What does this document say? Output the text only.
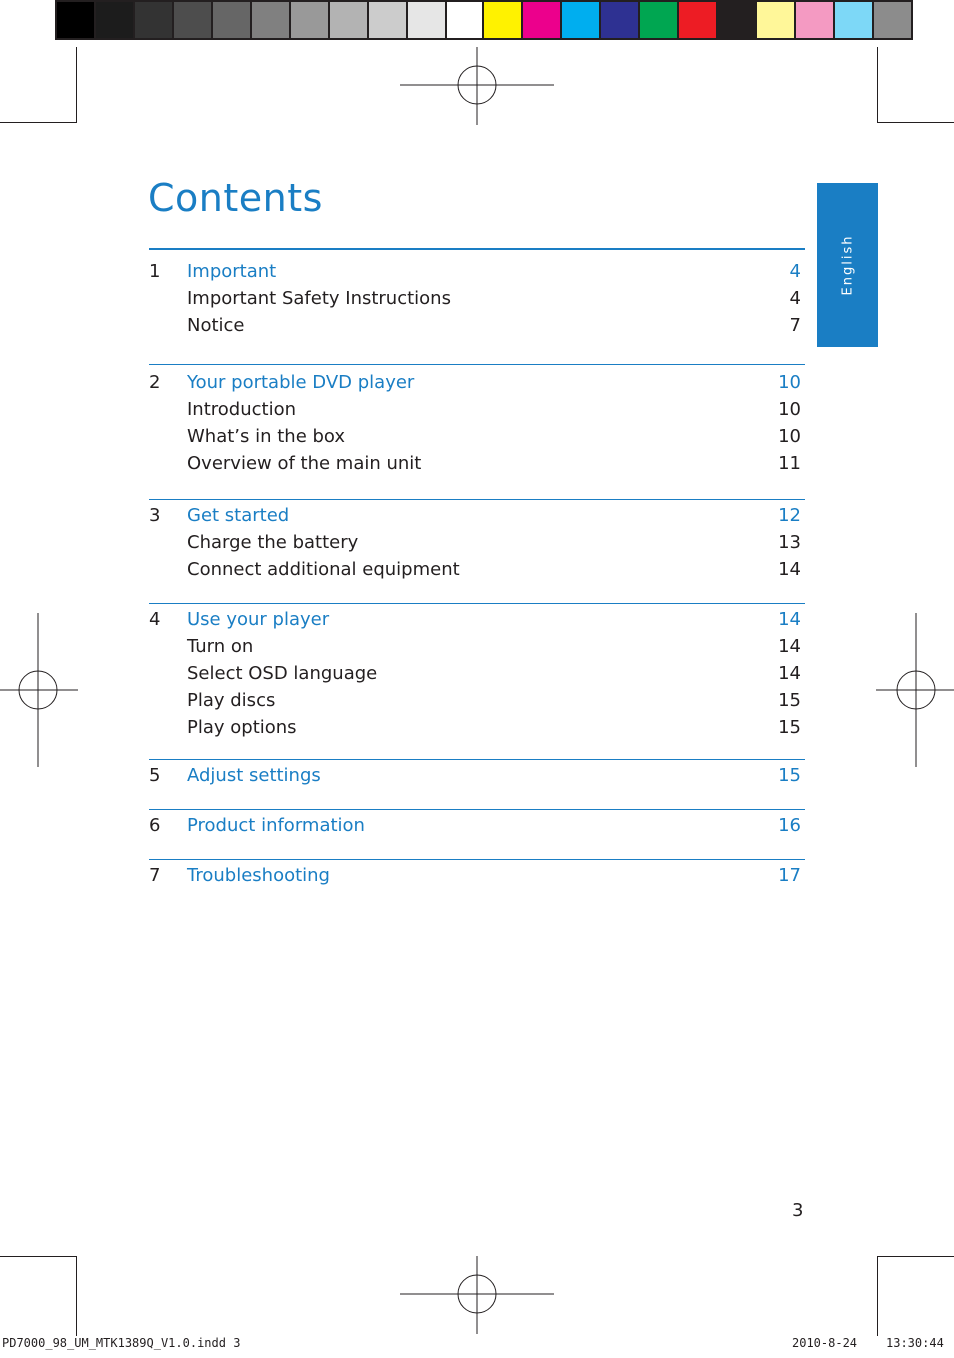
Contents
English
1 Important	4
Important Safety Instructions	4
Notice	7
2 Your portable DVD player	10
Introduction	10
What’s in the box	10
Overview of the main unit	11
3 Get started	12
Charge the battery	13
Connect additional equipment	14
4 Use your player	14
Turn on	14
Select OSD language	14
Play discs	15
Play options	15
5 Adjust settings	15
6 Product information	16
7 Troubleshooting	17
3
PD7000_98_UM_MTK1389Q_V1.0.indd 3	2010-8-24 13:30:44
